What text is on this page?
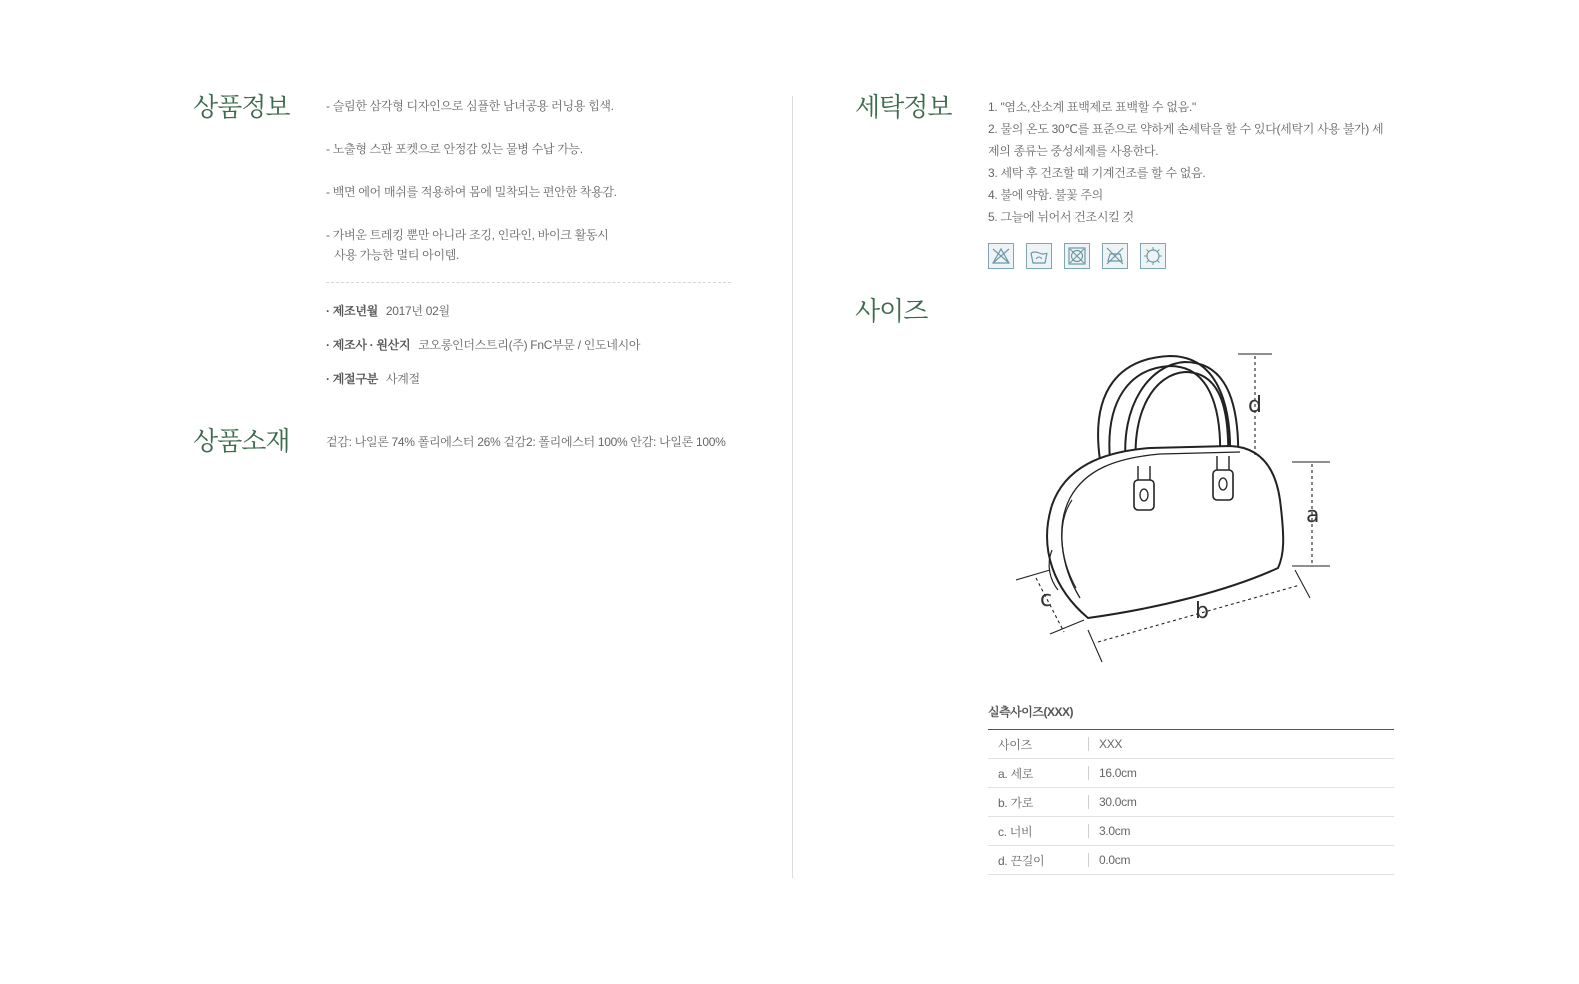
상품정보	- 슬림한 삼각형 디자인으로 심플한 남녀공용 러닝용 힙색.
- 노출형 스판 포켓으로 안정감 있는 물병 수납 가능.
- 백면 에어 매쉬를 적용하여 몸에 밀착되는 편안한 착용감.
- 가벼운 트레킹 뿐만 아니라 조깅, 인라인, 바이크 활동시
사용 가능한 멀티 아이템.
· 제조년월 2017년 02월
· 제조사 · 원산지 코오롱인더스트리(주) FnC부문 / 인도네시아
· 계절구분 사계절
상품소재	겉감: 나일론 74% 폴리에스터 26% 겉감2: 폴리에스터 100% 안감: 나일론 100%
세탁정보	1. "염소,산소계 표백제로 표백할 수 없음."
2. 물의 온도 30℃를 표준으로 약하게 손세탁을 할 수 있다(세탁기 사용 불가) 세제의 종류는 중성세제를 사용한다.
3. 세탁 후 건조할 때 기계건조를 할 수 없음.
4. 불에 약함. 불꽃 주의
5. 그늘에 뉘어서 건조시킬 것
사이즈
d
a
b
c
실측사이즈(XXX)
사이즈	XXX
a. 세로	16.0cm
b. 가로	30.0cm
c. 너비	3.0cm
d. 끈길이	0.0cm
